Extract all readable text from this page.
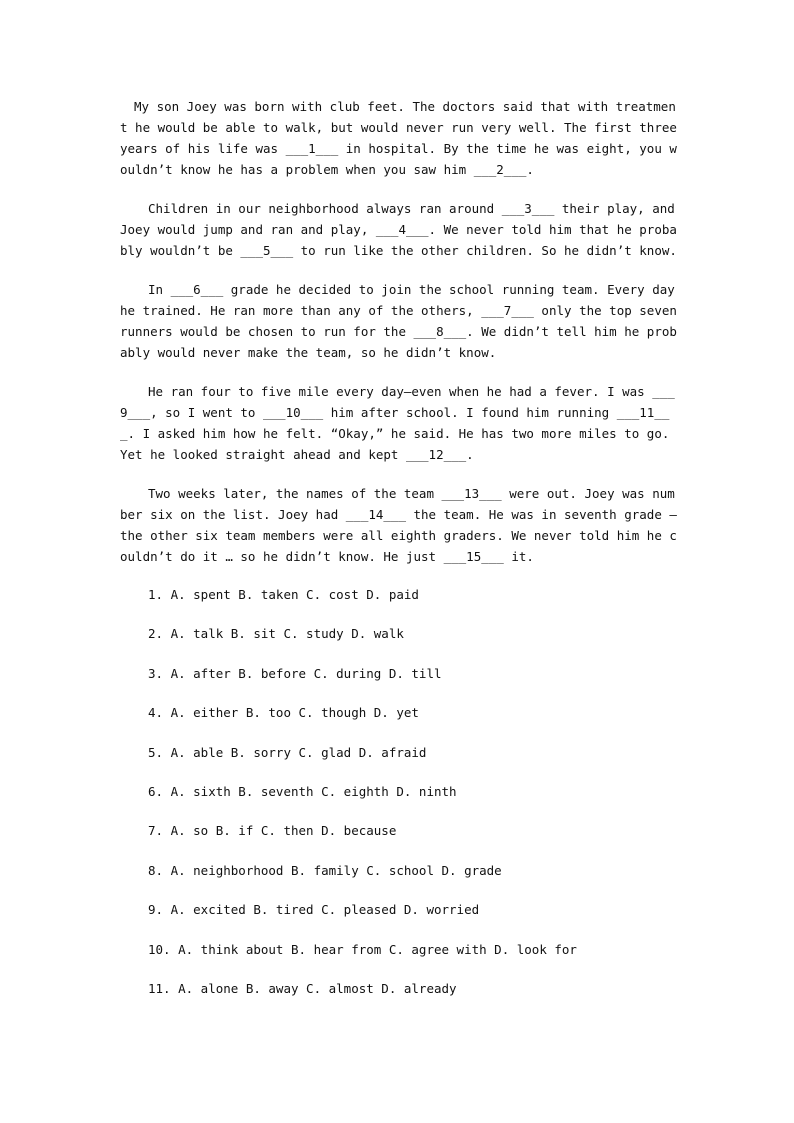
My son Joey was born with club feet. The doctors said that with treatment he would be able to walk, but would never run very well. The first three years of his life was ___1___ in hospital. By the time he was eight, you wouldn’t know he has a problem when you saw him ___2___.

Children in our neighborhood always ran around ___3___ their play, and Joey would jump and ran and play, ___4___. We never told him that he probably wouldn’t be ___5___ to run like the other children. So he didn’t know.

In ___6___ grade he decided to join the school running team. Every day he trained. He ran more than any of the others, ___7___ only the top seven runners would be chosen to run for the ___8___. We didn’t tell him he probably would never make the team, so he didn’t know.

He ran four to five mile every day—even when he had a fever. I was ___9___, so I went to ___10___ him after school. I found him running ___11___. I asked him how he felt. “Okay,” he said. He has two more miles to go. Yet he looked straight ahead and kept ___12___.

Two weeks later, the names of the team ___13___ were out. Joey was number six on the list. Joey had ___14___ the team. He was in seventh grade — the other six team members were all eighth graders. We never told him he couldn’t do it … so he didn’t know. He just ___15___ it.

1. A. spent B. taken C. cost D. paid
2. A. talk B. sit C. study D. walk
3. A. after B. before C. during D. till
4. A. either B. too C. though D. yet
5. A. able B. sorry C. glad D. afraid
6. A. sixth B. seventh C. eighth D. ninth
7. A. so B. if C. then D. because
8. A. neighborhood B. family C. school D. grade
9. A. excited B. tired C. pleased D. worried
10. A. think about B. hear from C. agree with D. look for
11. A. alone B. away C. almost D. already
